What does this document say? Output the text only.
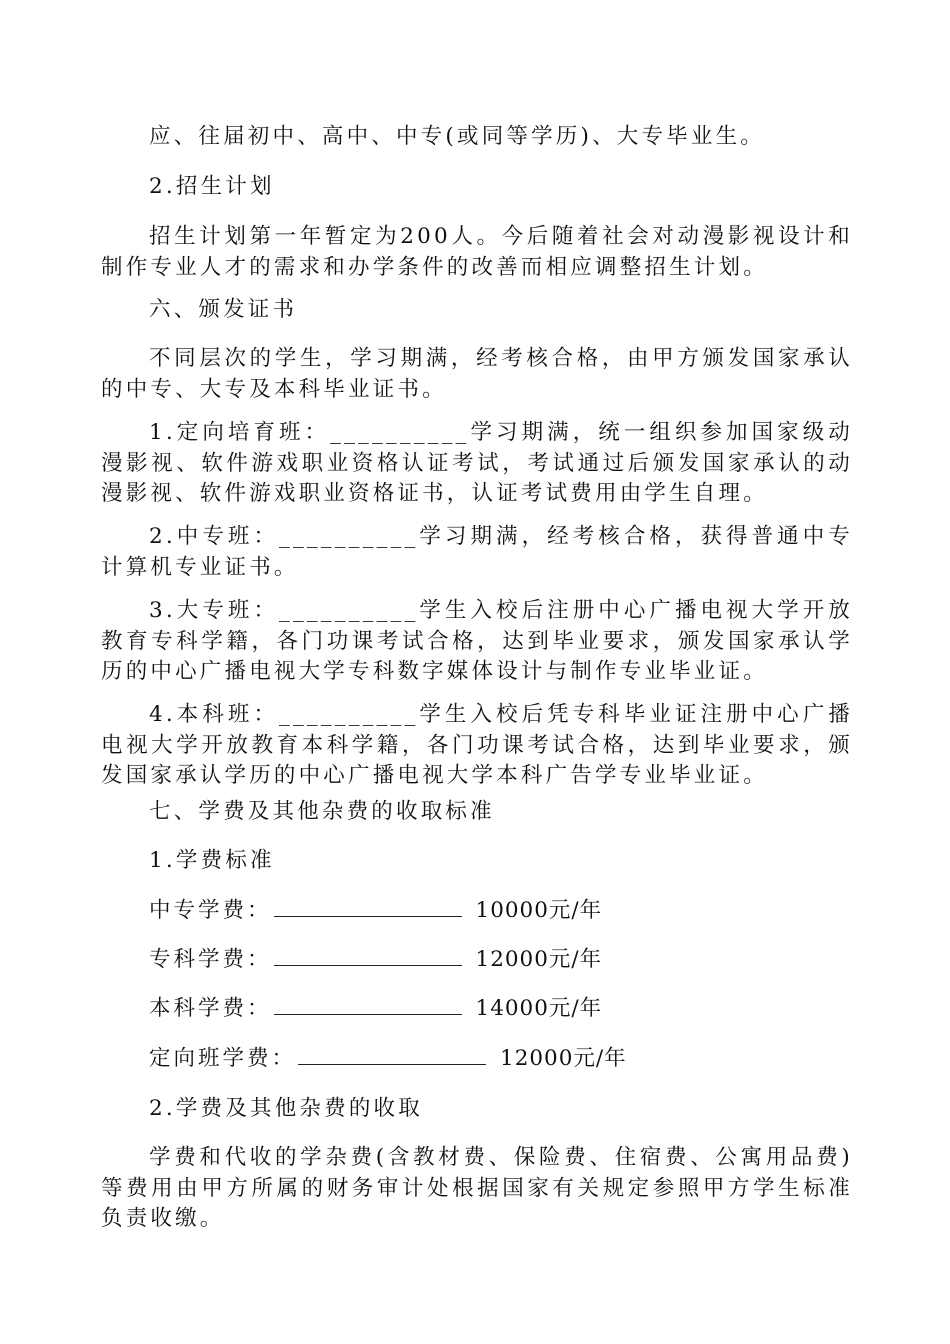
应、往届初中、高中、中专(或同等学历)、大专毕业生。

2.招生计划

招生计划第一年暂定为200人。今后随着社会对动漫影视设计和制作专业人才的需求和办学条件的改善而相应调整招生计划。

六、颁发证书

不同层次的学生，学习期满，经考核合格，由甲方颁发国家承认的中专、大专及本科毕业证书。

1.定向培育班：__________学习期满，统一组织参加国家级动漫影视、软件游戏职业资格认证考试，考试通过后颁发国家承认的动漫影视、软件游戏职业资格证书，认证考试费用由学生自理。

2.中专班：__________学习期满，经考核合格，获得普通中专计算机专业证书。

3.大专班：__________学生入校后注册中心广播电视大学开放教育专科学籍，各门功课考试合格，达到毕业要求，颁发国家承认学历的中心广播电视大学专科数字媒体设计与制作专业毕业证。

4.本科班：__________学生入校后凭专科毕业证注册中心广播电视大学开放教育本科学籍，各门功课考试合格，达到毕业要求，颁发国家承认学历的中心广播电视大学本科广告学专业毕业证。

七、学费及其他杂费的收取标准

1.学费标准

中专学费：	10000元/年
专科学费：	12000元/年
本科学费：	14000元/年
定向班学费：	12000元/年

2.学费及其他杂费的收取

学费和代收的学杂费(含教材费、保险费、住宿费、公寓用品费)等费用由甲方所属的财务审计处根据国家有关规定参照甲方学生标准负责收缴。
